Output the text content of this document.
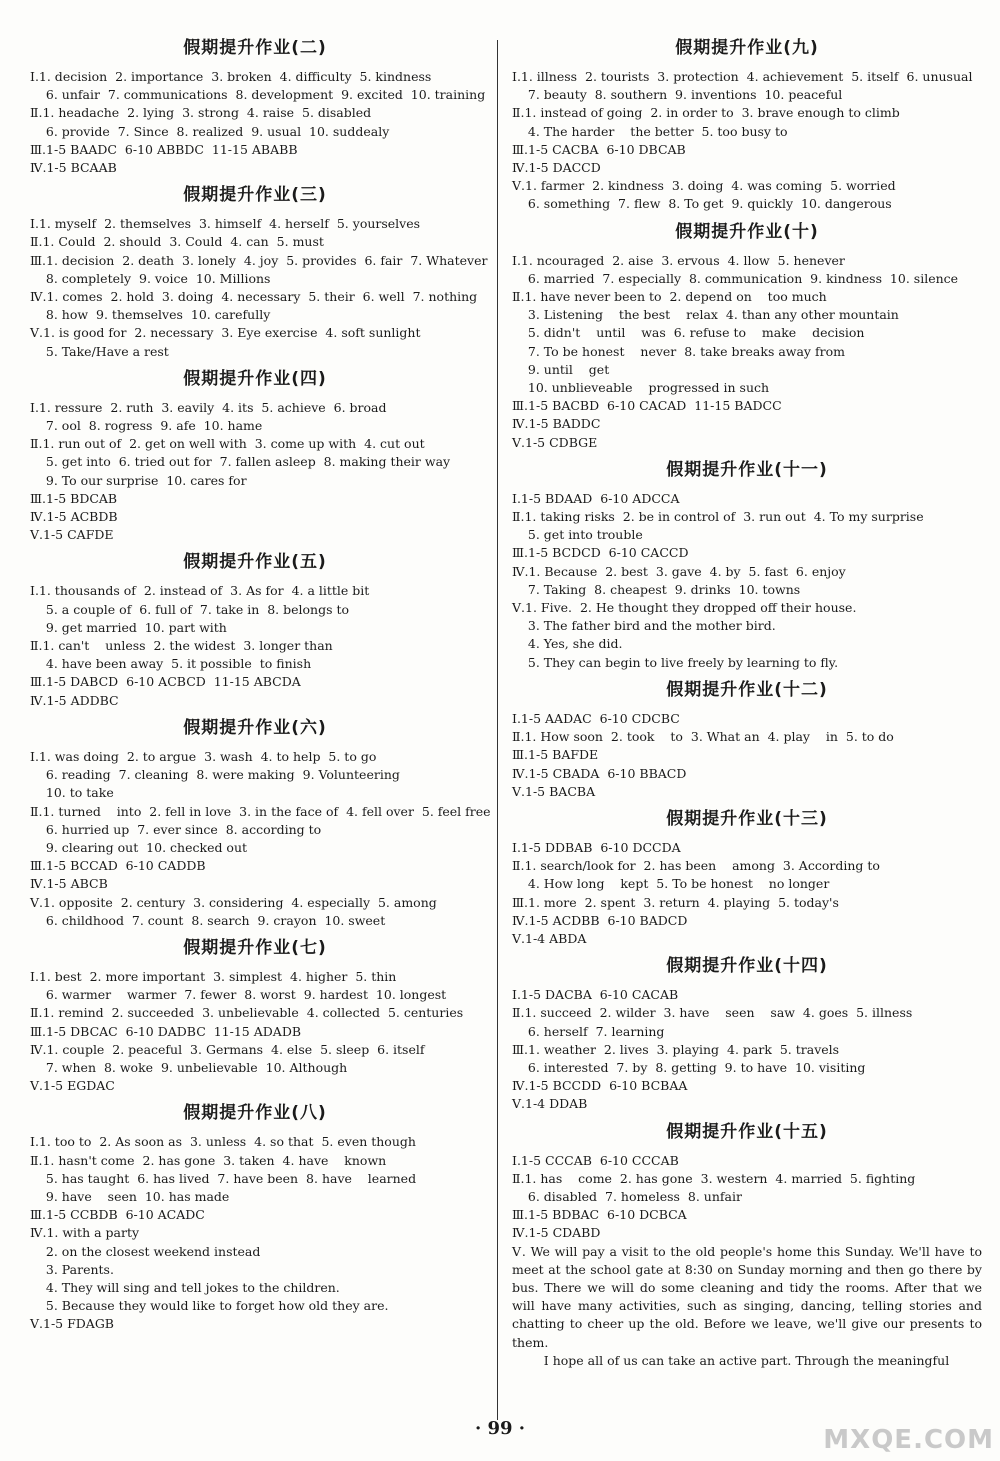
假期提升作业(二)
Ⅰ.1. decision  2. importance  3. broken  4. difficulty  5. kindness
6. unfair  7. communications  8. development  9. excited  10. training
Ⅱ.1. headache  2. lying  3. strong  4. raise  5. disabled
6. provide  7. Since  8. realized  9. usual  10. suddealy
Ⅲ.1-5 BAADC  6-10 ABBDC  11-15 ABABB
Ⅳ.1-5 BCAAB
假期提升作业(三)
Ⅰ.1. myself  2. themselves  3. himself  4. herself  5. yourselves
Ⅱ.1. Could  2. should  3. Could  4. can  5. must
Ⅲ.1. decision  2. death  3. lonely  4. joy  5. provides  6. fair  7. Whatever
8. completely  9. voice  10. Millions
Ⅳ.1. comes  2. hold  3. doing  4. necessary  5. their  6. well  7. nothing
8. how  9. themselves  10. carefully
Ⅴ.1. is good for  2. necessary  3. Eye exercise  4. soft sunlight
5. Take/Have a rest
假期提升作业(四)
Ⅰ.1. ressure  2. ruth  3. eavily  4. its  5. achieve  6. broad
7. ool  8. rogress  9. afe  10. hame
Ⅱ.1. run out of  2. get on well with  3. come up with  4. cut out
5. get into  6. tried out for  7. fallen asleep  8. making their way
9. To our surprise  10. cares for
Ⅲ.1-5 BDCAB
Ⅳ.1-5 ACBDB
Ⅴ.1-5 CAFDE
假期提升作业(五)
Ⅰ.1. thousands of  2. instead of  3. As for  4. a little bit
5. a couple of  6. full of  7. take in  8. belongs to
9. get married  10. part with
Ⅱ.1. can't    unless  2. the widest  3. longer than
4. have been away  5. it possible  to finish
Ⅲ.1-5 DABCD  6-10 ACBCD  11-15 ABCDA
Ⅳ.1-5 ADDBC
假期提升作业(六)
Ⅰ.1. was doing  2. to argue  3. wash  4. to help  5. to go
6. reading  7. cleaning  8. were making  9. Volunteering
10. to take
Ⅱ.1. turned    into  2. fell in love  3. in the face of  4. fell over  5. feel free
6. hurried up  7. ever since  8. according to
9. clearing out  10. checked out
Ⅲ.1-5 BCCAD  6-10 CADDB
Ⅳ.1-5 ABCB
Ⅴ.1. opposite  2. century  3. considering  4. especially  5. among
6. childhood  7. count  8. search  9. crayon  10. sweet
假期提升作业(七)
Ⅰ.1. best  2. more important  3. simplest  4. higher  5. thin
6. warmer    warmer  7. fewer  8. worst  9. hardest  10. longest
Ⅱ.1. remind  2. succeeded  3. unbelievable  4. collected  5. centuries
Ⅲ.1-5 DBCAC  6-10 DADBC  11-15 ADADB
Ⅳ.1. couple  2. peaceful  3. Germans  4. else  5. sleep  6. itself
7. when  8. woke  9. unbelievable  10. Although
Ⅴ.1-5 EGDAC
假期提升作业(八)
Ⅰ.1. too to  2. As soon as  3. unless  4. so that  5. even though
Ⅱ.1. hasn't come  2. has gone  3. taken  4. have    known
5. has taught  6. has lived  7. have been  8. have    learned
9. have    seen  10. has made
Ⅲ.1-5 CCBDB  6-10 ACADC
Ⅳ.1. with a party
2. on the closest weekend instead
3. Parents.
4. They will sing and tell jokes to the children.
5. Because they would like to forget how old they are.
Ⅴ.1-5 FDAGB
假期提升作业(九)
Ⅰ.1. illness  2. tourists  3. protection  4. achievement  5. itself  6. unusual
7. beauty  8. southern  9. inventions  10. peaceful
Ⅱ.1. instead of going  2. in order to  3. brave enough to climb
4. The harder    the better  5. too busy to
Ⅲ.1-5 CACBA  6-10 DBCAB
Ⅳ.1-5 DACCD
Ⅴ.1. farmer  2. kindness  3. doing  4. was coming  5. worried
6. something  7. flew  8. To get  9. quickly  10. dangerous
假期提升作业(十)
Ⅰ.1. ncouraged  2. aise  3. ervous  4. llow  5. henever
6. married  7. especially  8. communication  9. kindness  10. silence
Ⅱ.1. have never been to  2. depend on    too much
3. Listening    the best    relax  4. than any other mountain
5. didn't    until    was  6. refuse to    make    decision
7. To be honest    never  8. take breaks away from
9. until    get
10. unblieveable    progressed in such
Ⅲ.1-5 BACBD  6-10 CACAD  11-15 BADCC
Ⅳ.1-5 BADDC
Ⅴ.1-5 CDBGE
假期提升作业(十一)
Ⅰ.1-5 BDAAD  6-10 ADCCA
Ⅱ.1. taking risks  2. be in control of  3. run out  4. To my surprise
5. get into trouble
Ⅲ.1-5 BCDCD  6-10 CACCD
Ⅳ.1. Because  2. best  3. gave  4. by  5. fast  6. enjoy
7. Taking  8. cheapest  9. drinks  10. towns
Ⅴ.1. Five.  2. He thought they dropped off their house.
3. The father bird and the mother bird.
4. Yes, she did.
5. They can begin to live freely by learning to fly.
假期提升作业(十二)
Ⅰ.1-5 AADAC  6-10 CDCBC
Ⅱ.1. How soon  2. took    to  3. What an  4. play    in  5. to do
Ⅲ.1-5 BAFDE
Ⅳ.1-5 CBADA  6-10 BBACD
Ⅴ.1-5 BACBA
假期提升作业(十三)
Ⅰ.1-5 DDBAB  6-10 DCCDA
Ⅱ.1. search/look for  2. has been    among  3. According to
4. How long    kept  5. To be honest    no longer
Ⅲ.1. more  2. spent  3. return  4. playing  5. today's
Ⅳ.1-5 ACDBB  6-10 BADCD
Ⅴ.1-4 ABDA
假期提升作业(十四)
Ⅰ.1-5 DACBA  6-10 CACAB
Ⅱ.1. succeed  2. wilder  3. have    seen    saw  4. goes  5. illness
6. herself  7. learning
Ⅲ.1. weather  2. lives  3. playing  4. park  5. travels
6. interested  7. by  8. getting  9. to have  10. visiting
Ⅳ.1-5 BCCDD  6-10 BCBAA
Ⅴ.1-4 DDAB
假期提升作业(十五)
Ⅰ.1-5 CCCAB  6-10 CCCAB
Ⅱ.1. has    come  2. has gone  3. western  4. married  5. fighting
6. disabled  7. homeless  8. unfair
Ⅲ.1-5 BDBAC  6-10 DCBCA
Ⅳ.1-5 CDABD
Ⅴ. We will pay a visit to the old people's home this Sunday. We'll have to meet at the school gate at 8:30 on Sunday morning and then go there by bus. There we will do some cleaning and tidy the rooms. After that we will have many activities, such as singing, dancing, telling stories and chatting to cheer up the old. Before we leave, we'll give our presents to them.
I hope all of us can take an active part. Through the meaningful
· 99 ·	MXQE.COM
